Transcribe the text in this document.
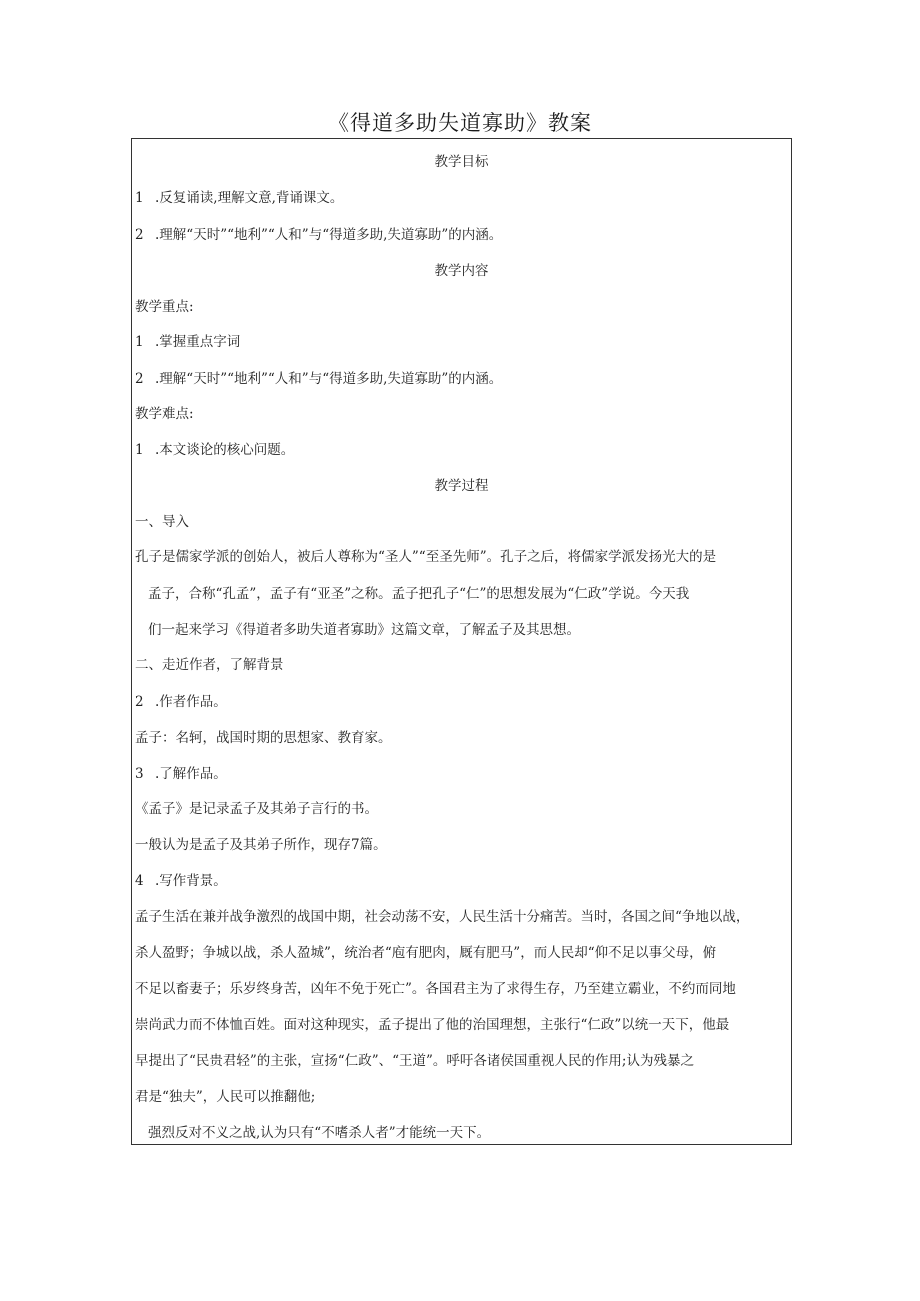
《得道多助失道寡助》教案
教学目标
1 .反复诵读,理解文意,背诵课文。
2 .理解“天时”“地利”“人和”与“得道多助,失道寡助”的内涵。
教学内容
教学重点:
1 .掌握重点字词
2 .理解“天时”“地利”“人和”与“得道多助,失道寡助”的内涵。
教学难点:
1 .本文谈论的核心问题。
教学过程
一、导入
孔子是儒家学派的创始人，被后人尊称为“圣人”“至圣先师”。孔子之后，将儒家学派发扬光大的是
孟子，合称“孔孟”，孟子有“亚圣”之称。孟子把孔子“仁”的思想发展为“仁政”学说。今天我
们一起来学习《得道者多助失道者寡助》这篇文章，了解孟子及其思想。
二、走近作者，了解背景
2 .作者作品。
孟子：名轲，战国时期的思想家、教育家。
3 .了解作品。
《孟子》是记录孟子及其弟子言行的书。
一般认为是孟子及其弟子所作，现存7篇。
4 .写作背景。
孟子生活在兼并战争激烈的战国中期，社会动荡不安，人民生活十分痛苦。当时，各国之间“争地以战，
杀人盈野；争城以战，杀人盈城”，统治者“庖有肥肉，厩有肥马”，而人民却“仰不足以事父母，俯
不足以畜妻子；乐岁终身苦，凶年不免于死亡”。各国君主为了求得生存，乃至建立霸业，不约而同地
崇尚武力而不体恤百姓。面对这种现实，孟子提出了他的治国理想，主张行“仁政”以统一天下，他最
早提出了“民贵君轻”的主张，宣扬“仁政”、“王道”。呼吁各诸侯国重视人民的作用;认为残暴之
君是“独夫”，人民可以推翻他;
强烈反对不义之战,认为只有“不嗜杀人者”才能统一天下。
